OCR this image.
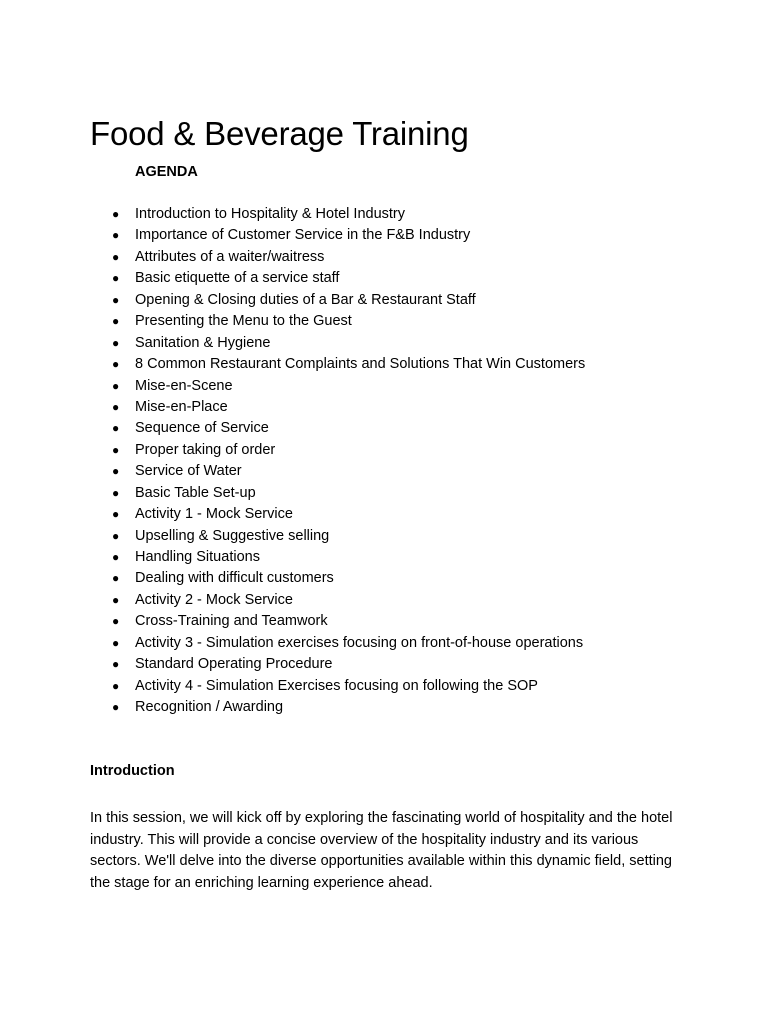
Food & Beverage Training
AGENDA
●	Introduction to Hospitality & Hotel Industry
●	Importance of Customer Service in the F&B Industry
●	Attributes of a waiter/waitress
●	Basic etiquette of a service staff
●	Opening & Closing duties of a Bar & Restaurant Staff
●	Presenting the Menu to the Guest
●	Sanitation & Hygiene
●	8 Common Restaurant Complaints and Solutions That Win Customers
●	Mise-en-Scene
●	Mise-en-Place
●	Sequence of Service
●	Proper taking of order
●	Service of Water
●	Basic Table Set-up
●	Activity 1 - Mock Service
●	Upselling & Suggestive selling
●	Handling Situations
●	Dealing with difficult customers
●	Activity 2 - Mock Service
●	Cross-Training and Teamwork
●	Activity 3 - Simulation exercises focusing on front-of-house operations
●	Standard Operating Procedure
●	Activity 4 - Simulation Exercises focusing on following the SOP
●	Recognition / Awarding
Introduction

In this session, we will kick off by exploring the fascinating world of hospitality and the hotel industry. This will provide a concise overview of the hospitality industry and its various sectors. We'll delve into the diverse opportunities available within this dynamic field, setting the stage for an enriching learning experience ahead.
